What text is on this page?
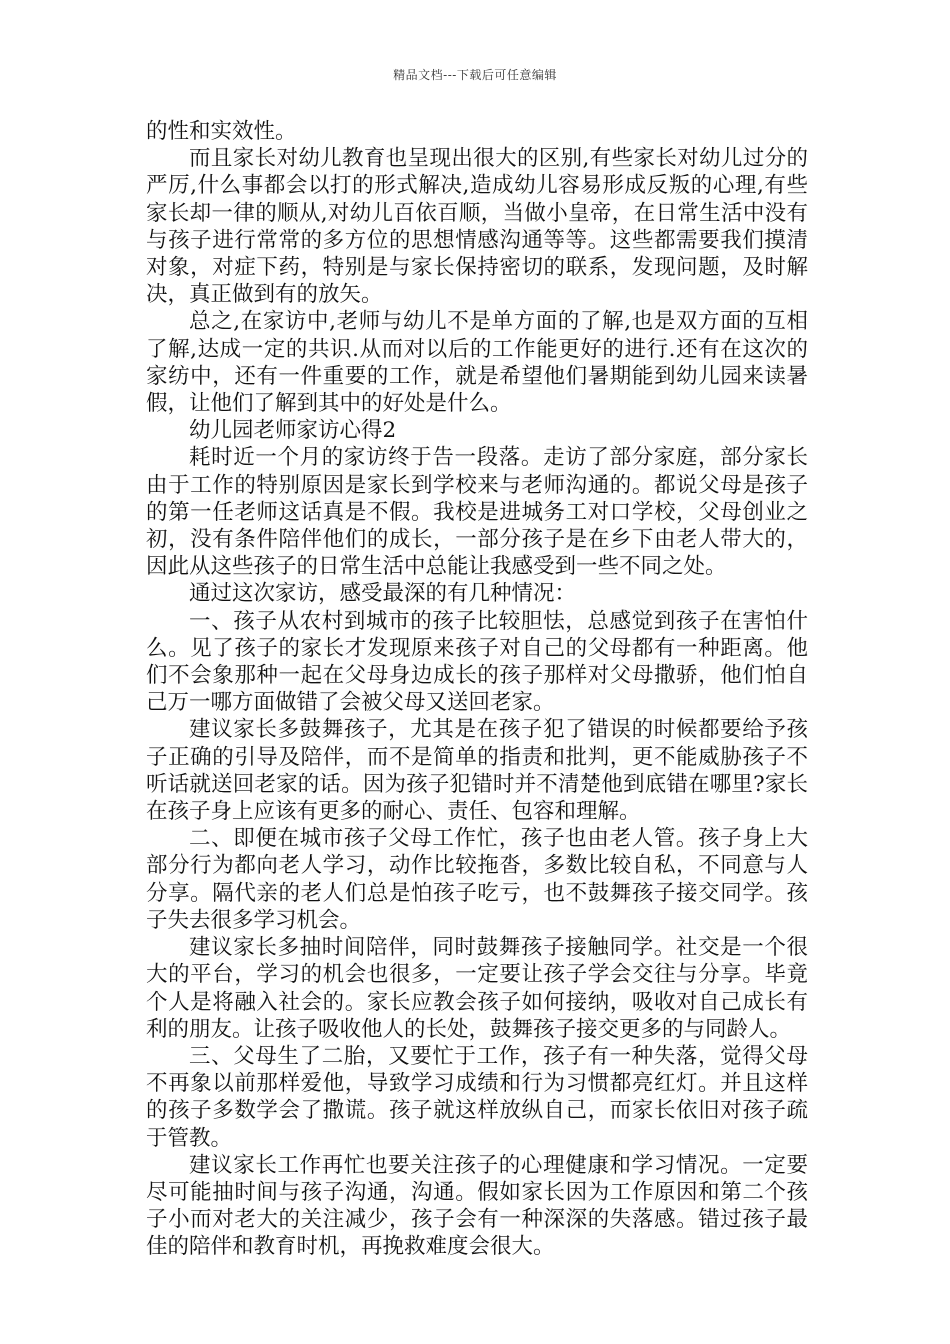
精品文档---下载后可任意编辑

的性和实效性。

而且家长对幼儿教育也呈现出很大的区别,有些家长对幼儿过分的严厉,什么事都会以打的形式解决,造成幼儿容易形成反叛的心理,有些家长却一律的顺从,对幼儿百依百顺，当做小皇帝，在日常生活中没有与孩子进行常常的多方位的思想情感沟通等等。这些都需要我们摸清对象，对症下药，特别是与家长保持密切的联系，发现问题，及时解决，真正做到有的放矢。

总之,在家访中,老师与幼儿不是单方面的了解,也是双方面的互相了解,达成一定的共识.从而对以后的工作能更好的进行.还有在这次的家纺中，还有一件重要的工作，就是希望他们暑期能到幼儿园来读暑假，让他们了解到其中的好处是什么。

幼儿园老师家访心得2

耗时近一个月的家访终于告一段落。走访了部分家庭，部分家长由于工作的特别原因是家长到学校来与老师沟通的。都说父母是孩子的第一任老师这话真是不假。我校是进城务工对口学校，父母创业之初，没有条件陪伴他们的成长，一部分孩子是在乡下由老人带大的，因此从这些孩子的日常生活中总能让我感受到一些不同之处。

通过这次家访，感受最深的有几种情况：

一、孩子从农村到城市的孩子比较胆怯，总感觉到孩子在害怕什么。见了孩子的家长才发现原来孩子对自己的父母都有一种距离。他们不会象那种一起在父母身边成长的孩子那样对父母撒骄，他们怕自己万一哪方面做错了会被父母又送回老家。

建议家长多鼓舞孩子，尤其是在孩子犯了错误的时候都要给予孩子正确的引导及陪伴，而不是简单的指责和批判，更不能威胁孩子不听话就送回老家的话。因为孩子犯错时并不清楚他到底错在哪里?家长在孩子身上应该有更多的耐心、责任、包容和理解。

二、即便在城市孩子父母工作忙，孩子也由老人管。孩子身上大部分行为都向老人学习，动作比较拖沓，多数比较自私，不同意与人分享。隔代亲的老人们总是怕孩子吃亏，也不鼓舞孩子接交同学。孩子失去很多学习机会。

建议家长多抽时间陪伴，同时鼓舞孩子接触同学。社交是一个很大的平台，学习的机会也很多，一定要让孩子学会交往与分享。毕竟个人是将融入社会的。家长应教会孩子如何接纳，吸收对自己成长有利的朋友。让孩子吸收他人的长处，鼓舞孩子接交更多的与同龄人。

三、父母生了二胎，又要忙于工作，孩子有一种失落，觉得父母不再象以前那样爱他，导致学习成绩和行为习惯都亮红灯。并且这样的孩子多数学会了撒谎。孩子就这样放纵自己，而家长依旧对孩子疏于管教。

建议家长工作再忙也要关注孩子的心理健康和学习情况。一定要尽可能抽时间与孩子沟通，沟通。假如家长因为工作原因和第二个孩子小而对老大的关注减少，孩子会有一种深深的失落感。错过孩子最佳的陪伴和教育时机，再挽救难度会很大。
